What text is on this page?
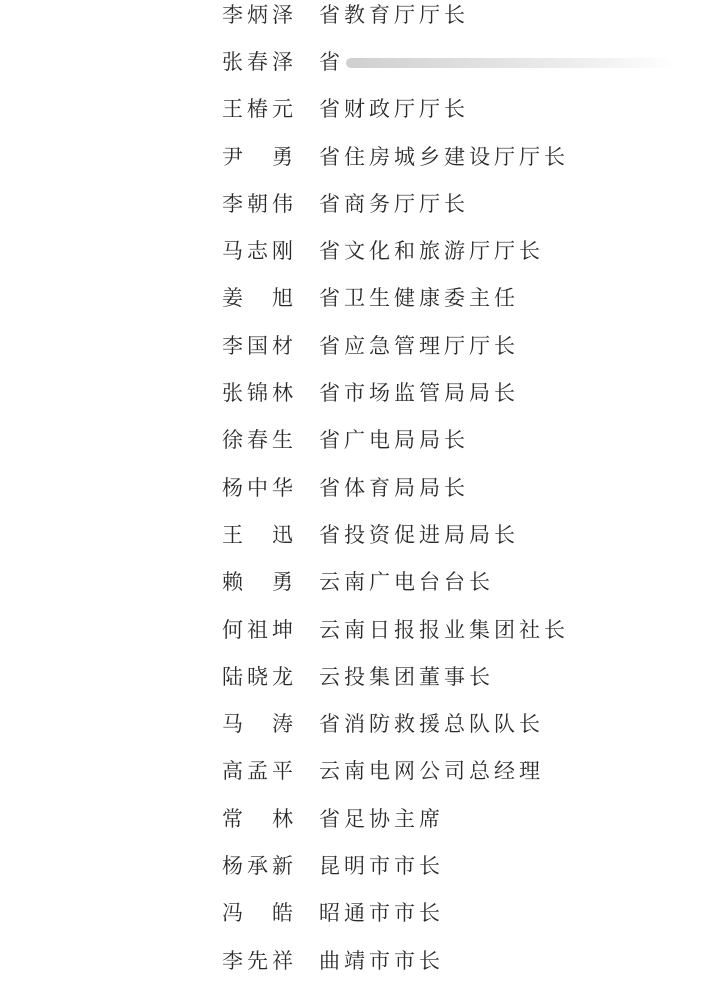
李炳泽	省教育厅厅长
张春泽	省
王椿元	省财政厅厅长
尹　勇	省住房城乡建设厅厅长
李朝伟	省商务厅厅长
马志刚	省文化和旅游厅厅长
姜　旭	省卫生健康委主任
李国材	省应急管理厅厅长
张锦林	省市场监管局局长
徐春生	省广电局局长
杨中华	省体育局局长
王　迅	省投资促进局局长
赖　勇	云南广电台台长
何祖坤	云南日报报业集团社长
陆晓龙	云投集团董事长
马　涛	省消防救援总队队长
高孟平	云南电网公司总经理
常　林	省足协主席
杨承新	昆明市市长
冯　皓	昭通市市长
李先祥	曲靖市市长
